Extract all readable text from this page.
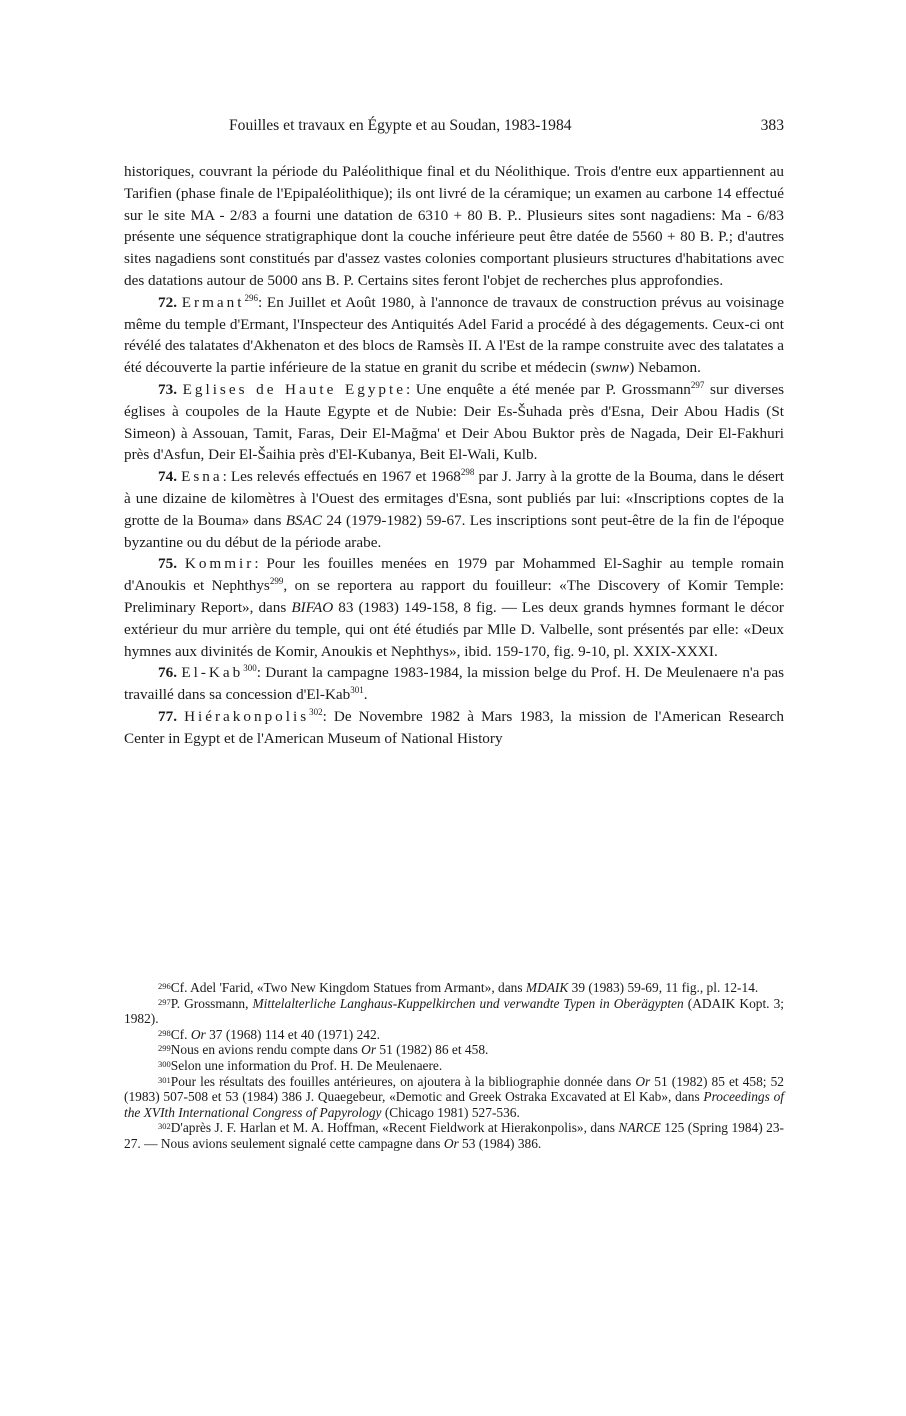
Fouilles et travaux en Égypte et au Soudan, 1983-1984	383

historiques, couvrant la période du Paléolithique final et du Néolithique. Trois d'entre eux appartiennent au Tarifien (phase finale de l'Epipaléolithique); ils ont livré de la céramique; un examen au carbone 14 effectué sur le site MA - 2/83 a fourni une datation de 6310 + 80 B. P.. Plusieurs sites sont nagadiens: Ma - 6/83 présente une séquence stratigraphique dont la couche inférieure peut être datée de 5560 + 80 B. P.; d'autres sites nagadiens sont constitués par d'assez vastes colonies comportant plusieurs structures d'habitations avec des datations autour de 5000 ans B. P. Certains sites feront l'objet de recherches plus approfondies.

72. Ermant$^{296}$: En Juillet et Août 1980, à l'annonce de travaux de construction prévus au voisinage même du temple d'Ermant, l'Inspecteur des Antiquités Adel Farid a procédé à des dégagements. Ceux-ci ont révélé des talatates d'Akhenaton et des blocs de Ramsès II. A l'Est de la rampe construite avec des talatates a été découverte la partie inférieure de la statue en granit du scribe et médecin (swnw) Nebamon.

73. Eglises de Haute Egypte: Une enquête a été menée par P. Grossmann$^{297}$ sur diverses églises à coupoles de la Haute Egypte et de Nubie: Deir Es-Šuhada près d'Esna, Deir Abou Hadis (St Simeon) à Assouan, Tamit, Faras, Deir El-Mağma' et Deir Abou Buktor près de Nagada, Deir El-Fakhuri près d'Asfun, Deir El-Šaihia près d'El-Kubanya, Beit El-Wali, Kulb.

74. Esna: Les relevés effectués en 1967 et 1968$^{298}$ par J. Jarry à la grotte de la Bouma, dans le désert à une dizaine de kilomètres à l'Ouest des ermitages d'Esna, sont publiés par lui: «Inscriptions coptes de la grotte de la Bouma» dans BSAC 24 (1979-1982) 59-67. Les inscriptions sont peut-être de la fin de l'époque byzantine ou du début de la période arabe.

75. Kommir: Pour les fouilles menées en 1979 par Mohammed El-Saghir au temple romain d'Anoukis et Nephthys$^{299}$, on se reportera au rapport du fouilleur: «The Discovery of Komir Temple: Preliminary Report», dans BIFAO 83 (1983) 149-158, 8 fig. — Les deux grands hymnes formant le décor extérieur du mur arrière du temple, qui ont été étudiés par Mlle D. Valbelle, sont présentés par elle: «Deux hymnes aux divinités de Komir, Anoukis et Nephthys», ibid. 159-170, fig. 9-10, pl. XXIX-XXXI.

76. El-Kab$^{300}$: Durant la campagne 1983-1984, la mission belge du Prof. H. De Meulenaere n'a pas travaillé dans sa concession d'El-Kab$^{301}$.

77. Hiérakonpolis$^{302}$: De Novembre 1982 à Mars 1983, la mission de l'American Research Center in Egypt et de l'American Museum of National History

$^{296}$Cf. Adel 'Farid, «Two New Kingdom Statues from Armant», dans MDAIK 39 (1983) 59-69, 11 fig., pl. 12-14.

$^{297}$P. Grossmann, Mittelalterliche Langhaus-Kuppelkirchen und verwandte Typen in Oberägypten (ADAIK Kopt. 3; 1982).

$^{298}$Cf. Or 37 (1968) 114 et 40 (1971) 242.

$^{299}$Nous en avions rendu compte dans Or 51 (1982) 86 et 458.

$^{300}$Selon une information du Prof. H. De Meulenaere.

$^{301}$Pour les résultats des fouilles antérieures, on ajoutera à la bibliographie donnée dans Or 51 (1982) 85 et 458; 52 (1983) 507-508 et 53 (1984) 386 J. Quaegebeur, «Demotic and Greek Ostraka Excavated at El Kab», dans Proceedings of the XVIth International Congress of Papyrology (Chicago 1981) 527-536.

$^{302}$D'après J. F. Harlan et M. A. Hoffman, «Recent Fieldwork at Hierakonpolis», dans NARCE 125 (Spring 1984) 23-27. — Nous avions seulement signalé cette campagne dans Or 53 (1984) 386.
